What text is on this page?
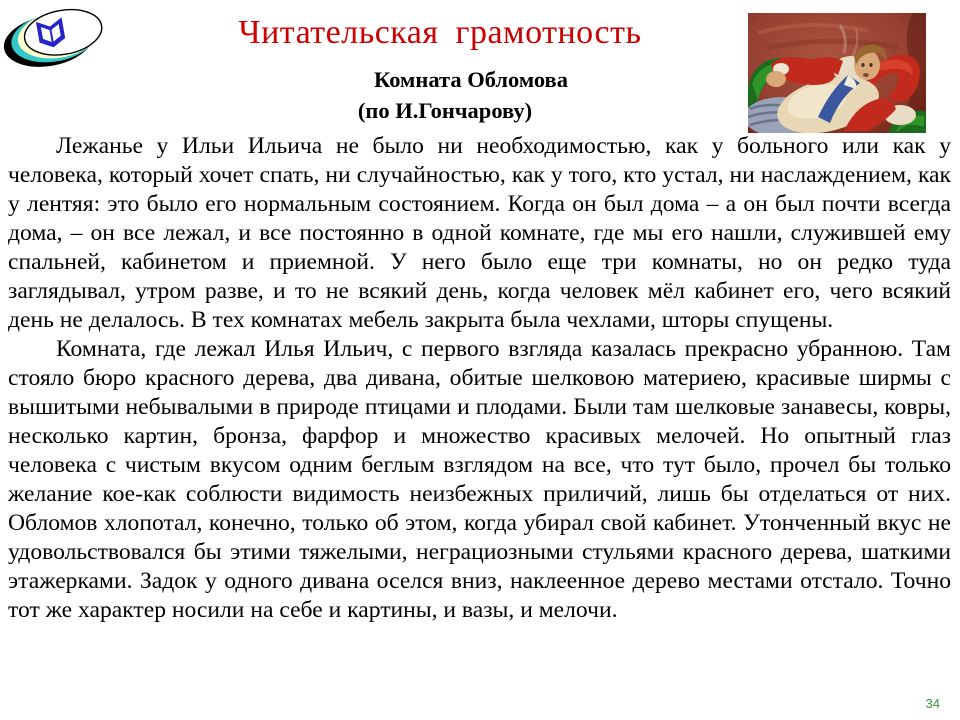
Читательская грамотность
Комната Обломова
(по И.Гончарову)

Лежанье у Ильи Ильича не было ни необходимостью, как у больного или как у человека, который хочет спать, ни случайностью, как у того, кто устал, ни наслаждением, как у лентяя: это было его нормальным состоянием. Когда он был дома – а он был почти всегда дома, – он все лежал, и все постоянно в одной комнате, где мы его нашли, служившей ему спальней, кабинетом и приемной. У него было еще три комнаты, но он редко туда заглядывал, утром разве, и то не всякий день, когда человек мёл кабинет его, чего всякий день не делалось. В тех комнатах мебель закрыта была чехлами, шторы спущены.

Комната, где лежал Илья Ильич, с первого взгляда казалась прекрасно убранною. Там стояло бюро красного дерева, два дивана, обитые шелковою материею, красивые ширмы с вышитыми небывалыми в природе птицами и плодами. Были там шелковые занавесы, ковры, несколько картин, бронза, фарфор и множество красивых мелочей. Но опытный глаз человека с чистым вкусом одним беглым взглядом на все, что тут было, прочел бы только желание кое-как соблюсти видимость неизбежных приличий, лишь бы отделаться от них. Обломов хлопотал, конечно, только об этом, когда убирал свой кабинет. Утонченный вкус не удовольствовался бы этими тяжелыми, неграциозными стульями красного дерева, шаткими этажерками. Задок у одного дивана оселся вниз, наклеенное дерево местами отстало. Точно тот же характер носили на себе и картины, и вазы, и мелочи.

34
